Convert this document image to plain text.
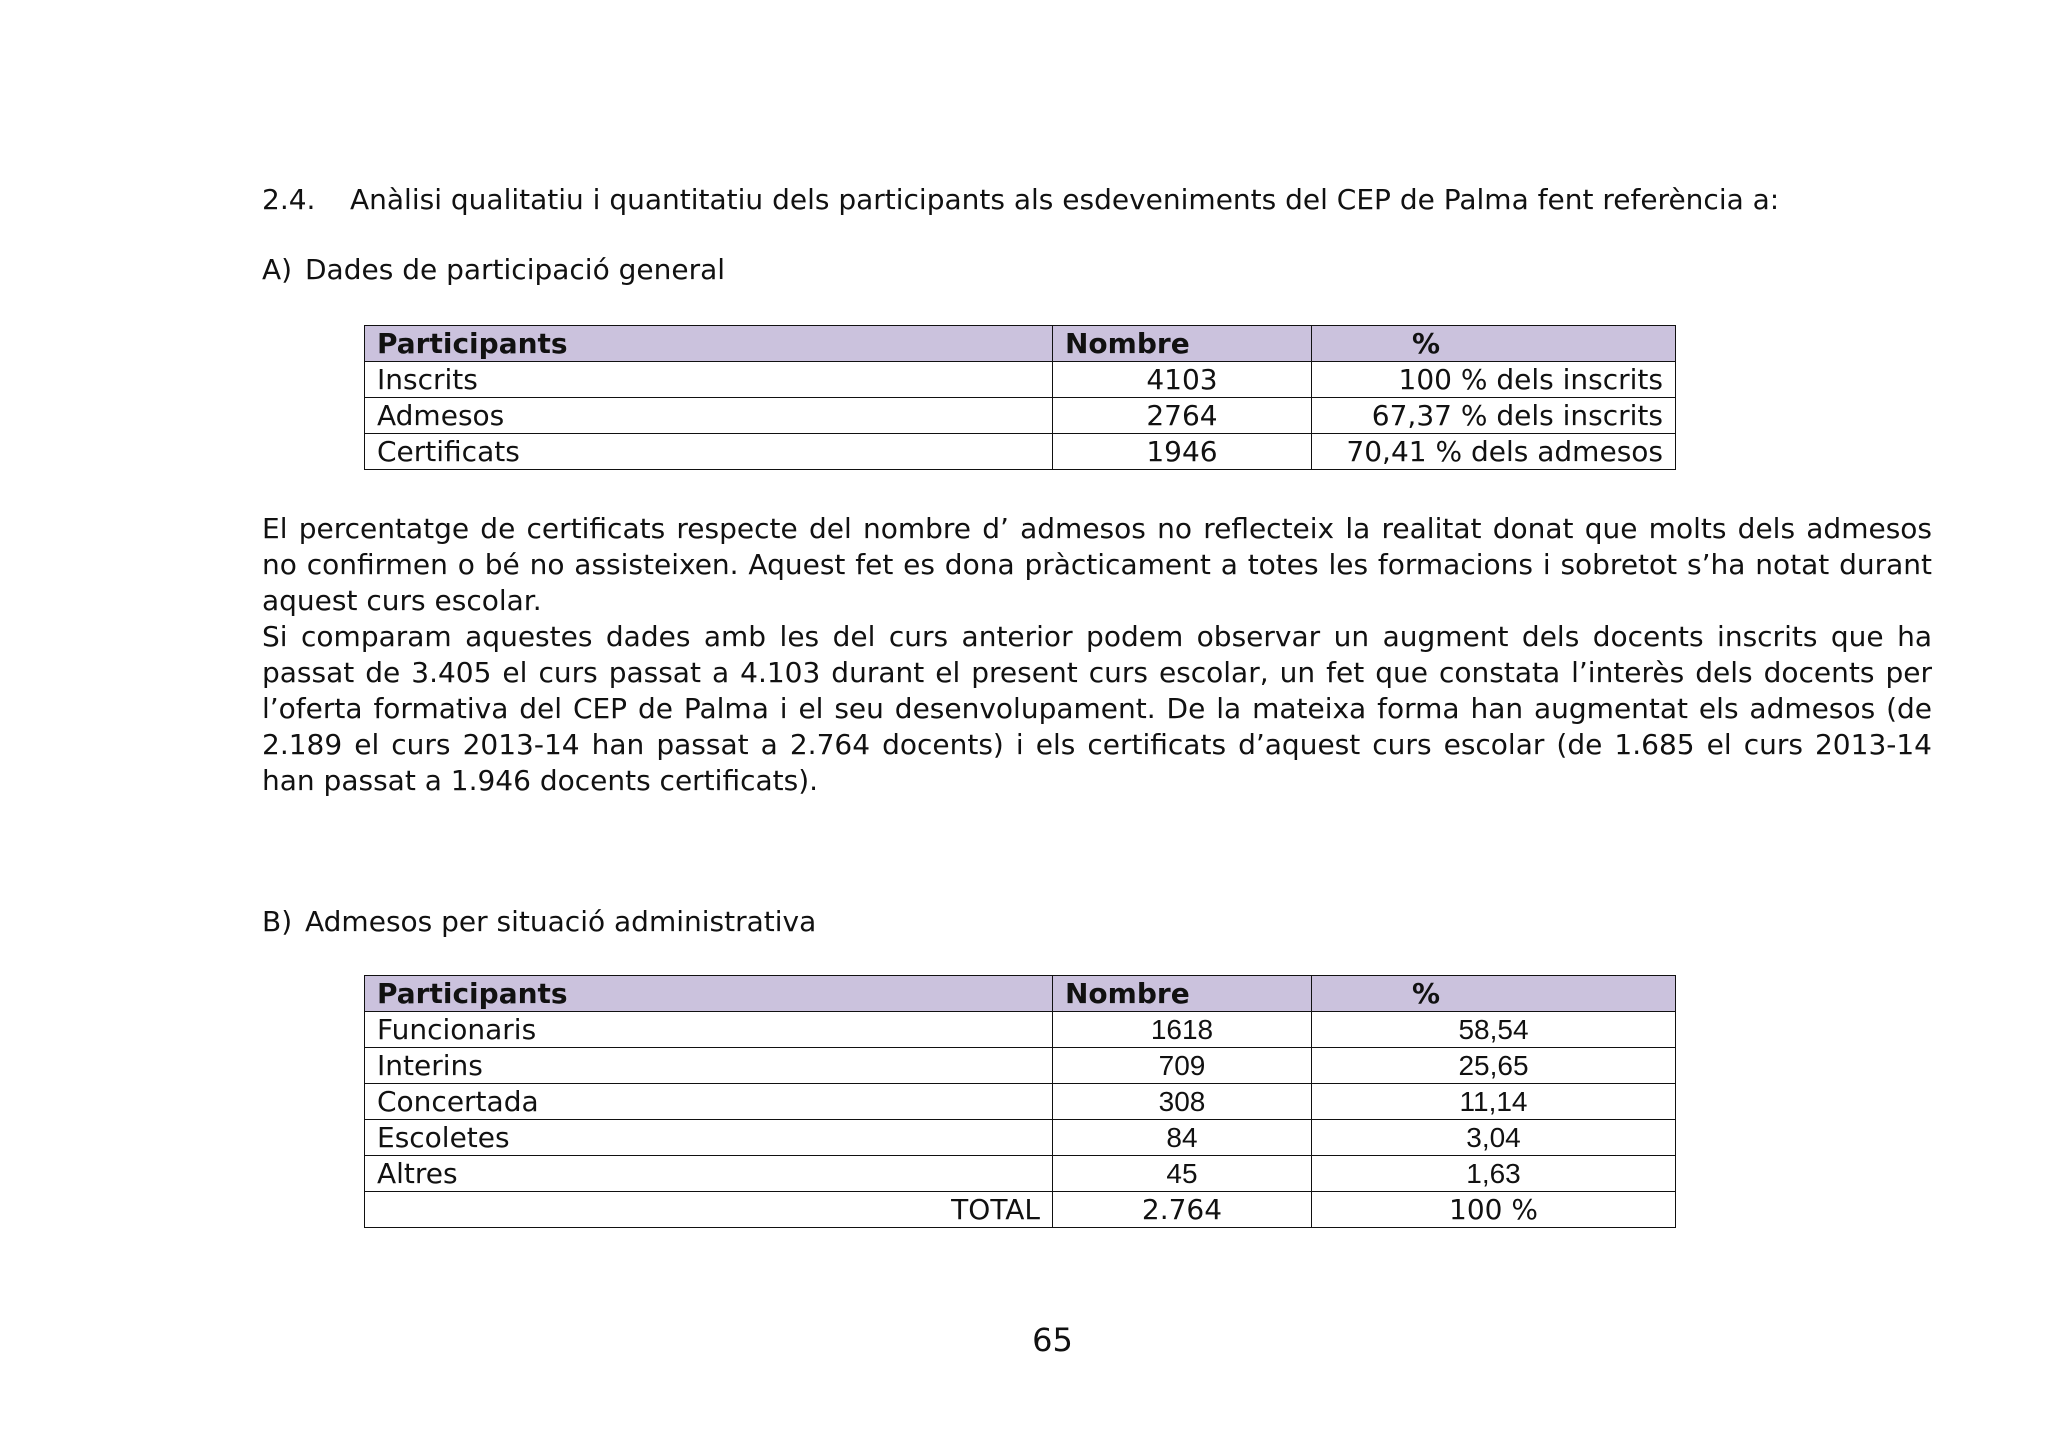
2.4. Anàlisi qualitatiu i quantitatiu dels participants als esdeveniments del CEP de Palma fent referència a:
A) Dades de participació general
Participants	Nombre	%
Inscrits	4103	100 % dels inscrits
Admesos	2764	67,37 % dels inscrits
Certificats	1946	70,41 % dels admesos

El percentatge de certificats respecte del nombre d’ admesos no reflecteix la realitat donat que molts dels admesos no confirmen o bé no assisteixen. Aquest fet es dona pràcticament a totes les formacions i sobretot s’ha notat durant aquest curs escolar.

Si comparam aquestes dades amb les del curs anterior podem observar un augment dels docents inscrits que ha passat de 3.405 el curs passat a 4.103 durant el present curs escolar, un fet que constata l’interès dels docents per l’oferta formativa del CEP de Palma i el seu desenvolupament. De la mateixa forma han augmentat els admesos (de 2.189 el curs 2013-14 han passat a 2.764 docents) i els certificats d’aquest curs escolar (de 1.685 el curs 2013-14 han passat a 1.946 docents certificats).

B) Admesos per situació administrativa
Participants	Nombre	%
Funcionaris	1618	58,54
Interins	709	25,65
Concertada	308	11,14
Escoletes	84	3,04
Altres	45	1,63
TOTAL	2.764	100 %
65
